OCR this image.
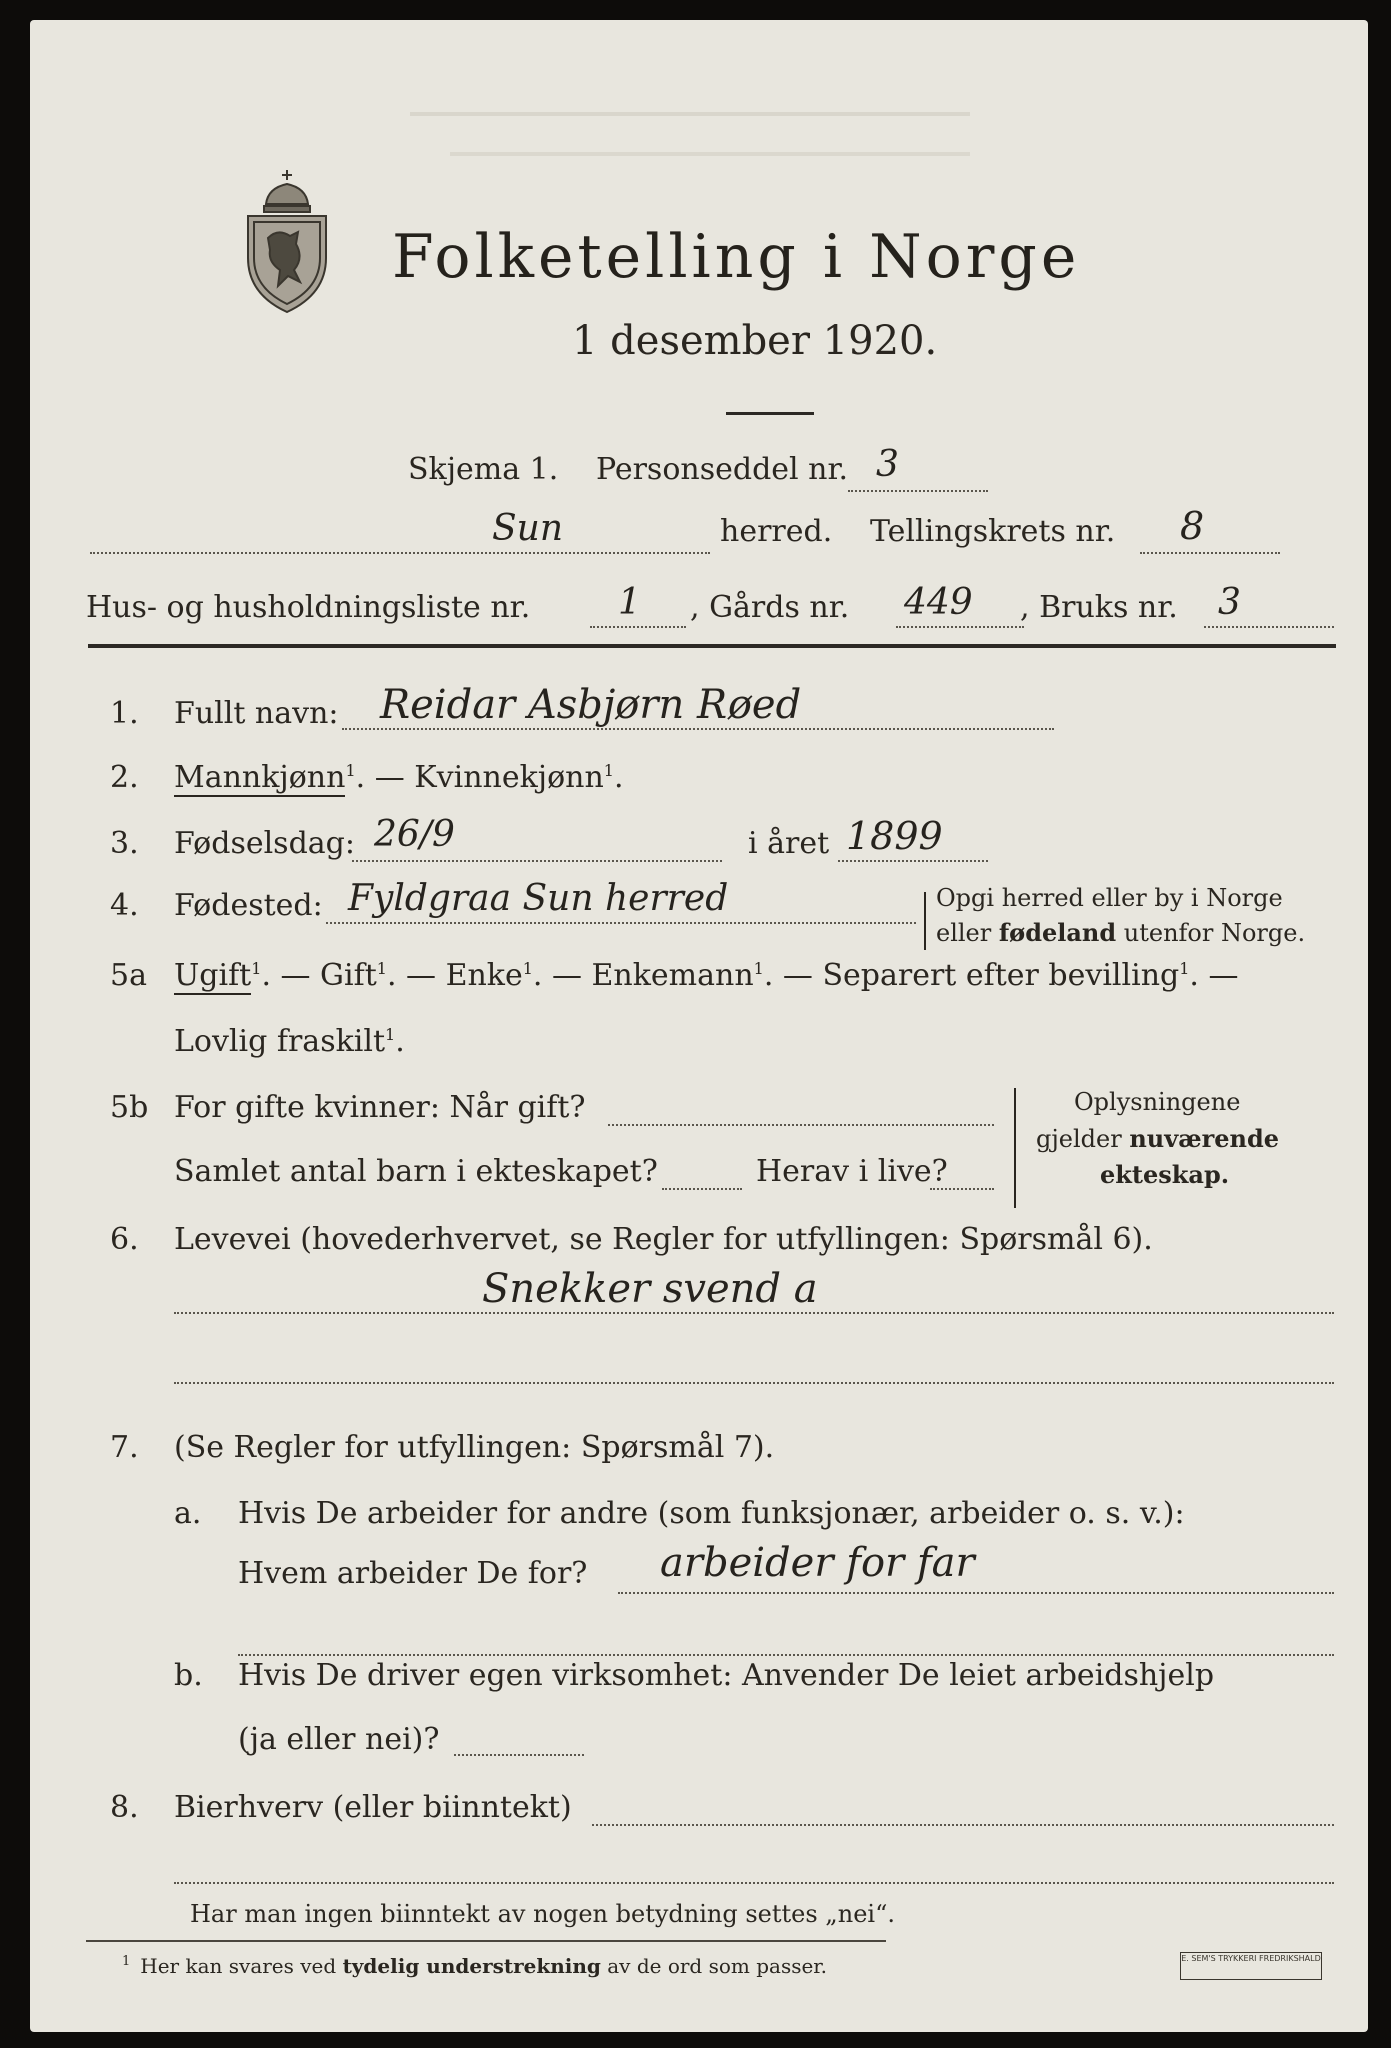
Folketelling i Norge
1 desember 1920.
Skjema 1. Personseddel nr. 3
Sun	herred. Tellingskrets nr. 8
Hus- og husholdningsliste nr. 1 , Gårds nr. 449 , Bruks nr. 3
1. Fullt navn: Reidar Asbjørn Røed
2. Mannkjønn$^1$. — Kvinnekjønn$^1$.
3. Fødselsdag: 26/9	i året 1899
4. Fødested: Fyldgraa Sun herred	Opgi herred eller by i Norge
eller fødeland utenfor Norge.
5a Ugift$^1$. — Gift$^1$. — Enke$^1$. — Enkemann$^1$. — Separert efter bevilling$^1$. —
Lovlig fraskilt$^1$.
5b For gifte kvinner: Når gift?
Samlet antal barn i ekteskapet?	Herav i live?
Oplysningene
gjelder nuværende
ekteskap.
6. Levevei (hovederhvervet, se Regler for utfyllingen: Spørsmål 6).
Snekker svend a
7. (Se Regler for utfyllingen: Spørsmål 7).
a. Hvis De arbeider for andre (som funksjonær, arbeider o. s. v.):
Hvem arbeider De for? arbeider for far
b. Hvis De driver egen virksomhet: Anvender De leiet arbeidshjelp
(ja eller nei)?
8. Bierhverv (eller biinntekt)
Har man ingen biinntekt av nogen betydning settes „nei“.
$^1$ Her kan svares ved tydelig understrekning av de ord som passer.	E. SEM'S TRYKKERI FREDRIKSHALD
